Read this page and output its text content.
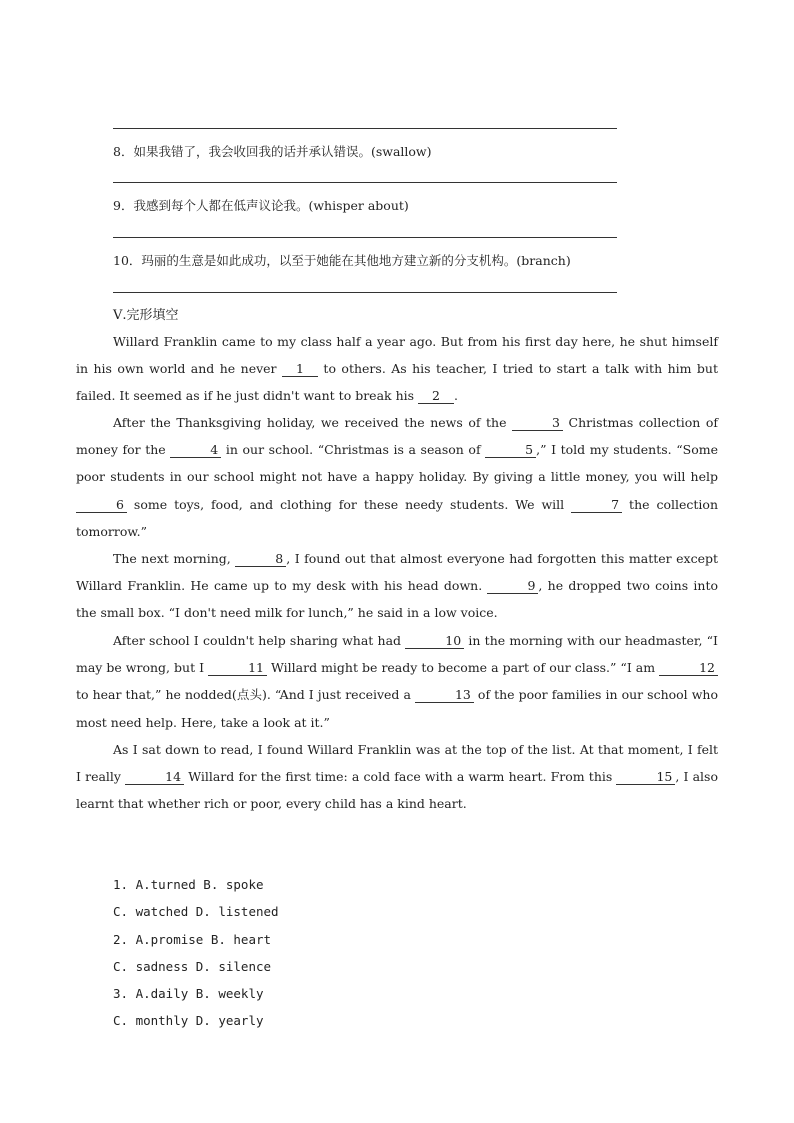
8．如果我错了，我会收回我的话并承认错误。(swallow)
9．我感到每个人都在低声议论我。(whisper about)
10．玛丽的生意是如此成功，以至于她能在其他地方建立新的分支机构。(branch)
Ⅴ.完形填空

Willard Franklin came to my class half a year ago. But from his first day here, he shut himself in his own world and he never 1 to others. As his teacher, I tried to start a talk with him but failed. It seemed as if he just didn't want to break his 2 .

After the Thanksgiving holiday, we received the news of the	3 Christmas collection of money for the	4 in our school. “Christmas is a season of	5 ,” I told my students. “Some poor students in our school might not have a happy holiday. By giving a little money, you will help 6 some toys, food, and clothing for these needy students. We will	7 the collection tomorrow.”

The next morning,	8 , I found out that almost everyone had forgotten this matter except Willard Franklin. He came up to my desk with his head down.	9 , he dropped two coins into the small box. “I don't need milk for lunch,” he said in a low voice.

After school I couldn't help sharing what had	10 in the morning with our headmaster, “I may be wrong, but I	11 Willard might be ready to become a part of our class.” “I am	12 to hear that,” he nodded(点头). “And I just received a	13 of the poor families in our school who most need help. Here, take a look at it.”

As I sat down to read, I found Willard Franklin was at the top of the list. At that moment, I felt I really	14 Willard for the first time: a cold face with a warm heart. From this	15 , I also learnt that whether rich or poor, every child has a kind heart.

1. A.turned B. spoke
C. watched D. listened
2. A.promise B. heart
C. sadness D. silence
3. A.daily B. weekly
C. monthly D. yearly
